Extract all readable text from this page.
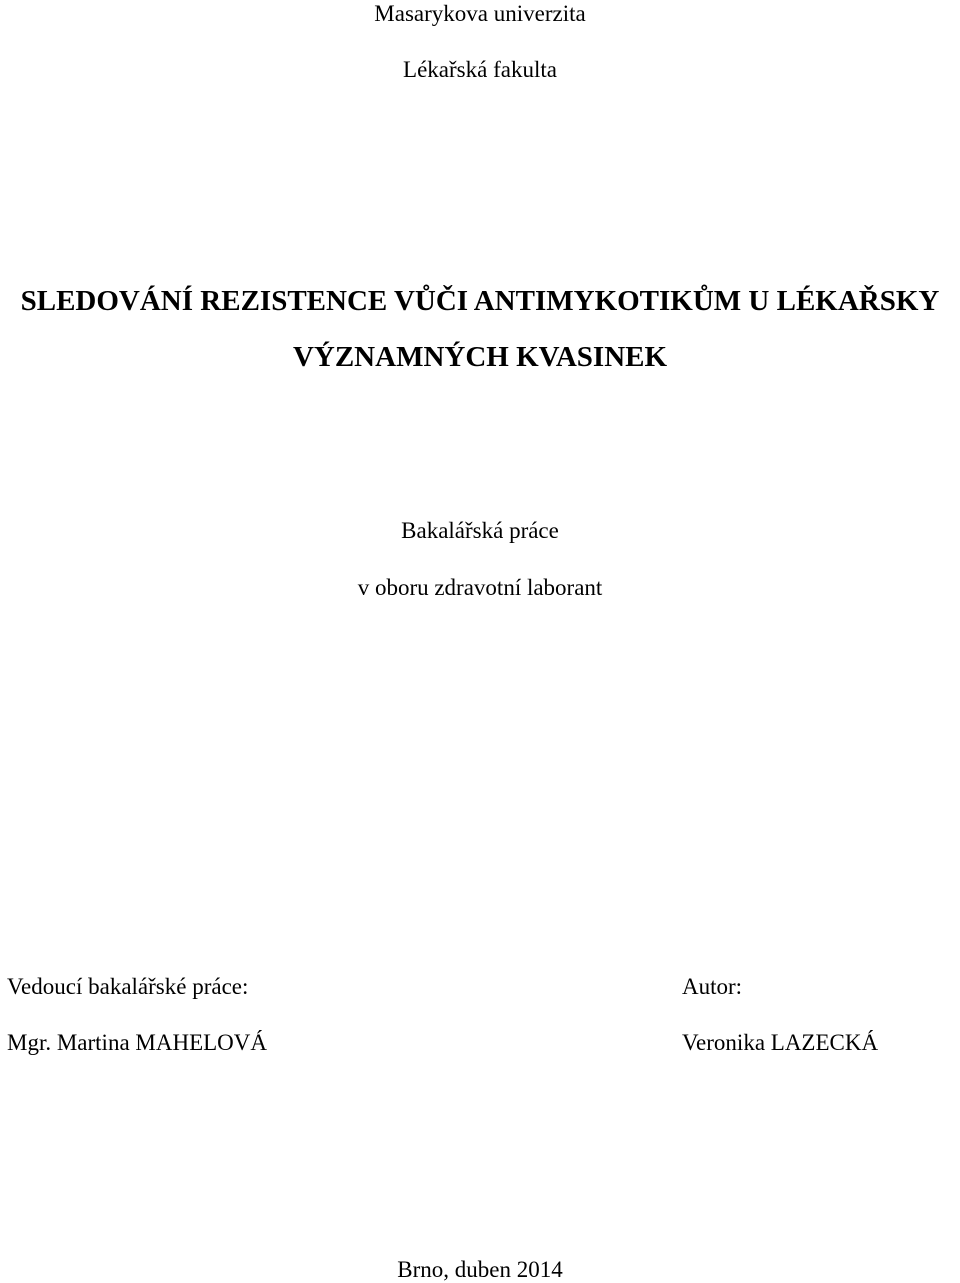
Masarykova univerzita
Lékařská fakulta
SLEDOVÁNÍ REZISTENCE VŮČI ANTIMYKOTIKŮM U LÉKAŘSKY
VÝZNAMNÝCH KVASINEK
Bakalářská práce
v oboru zdravotní laborant
Vedoucí bakalářské práce:	Autor:
Mgr. Martina MAHELOVÁ	Veronika LAZECKÁ
Brno, duben 2014
